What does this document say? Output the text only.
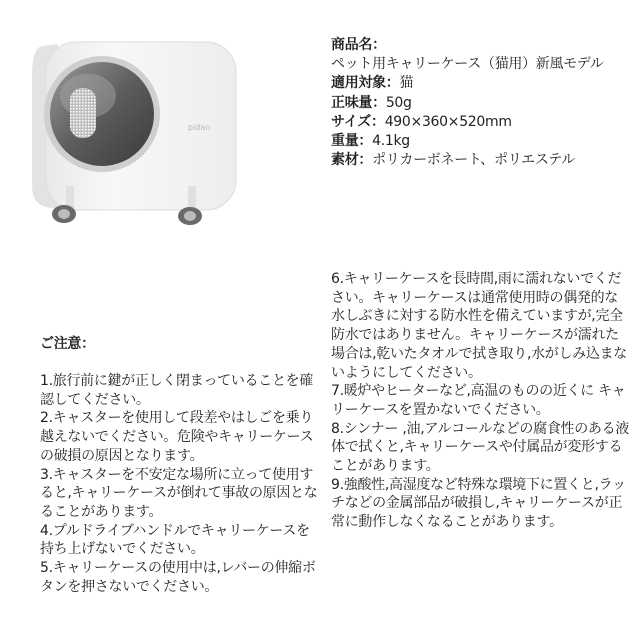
pidan

商品名：

ペット用キャリーケース（猫用）新風モデル

適用対象：猫

正味量：50g

サイズ：490×360×520mm

重量：4.1kg

素材：ポリカーボネート、ポリエステル

ご注意：

1.旅行前に鍵が正しく閉まっていることを確認してください。

2.キャスターを使用して段差やはしごを乗り越えないでください。危険やキャリーケースの破損の原因となります。

3.キャスターを不安定な場所に立って使用すると,キャリーケースが倒れて事故の原因となることがあります。

4.プルドライブハンドルでキャリーケースを持ち上げないでください。

5.キャリーケースの使用中は,レバーの伸縮ボタンを押さないでください。

6.キャリーケースを長時間,雨に濡れないでください。キャリーケースは通常使用時の偶発的な水しぶきに対する防水性を備えていますが,完全防水ではありません。キャリーケースが濡れた場合は,乾いたタオルで拭き取り,水がしみ込まないようにしてください。

7.暖炉やヒーターなど,高温のものの近くに キャリーケースを置かないでください。

8.シンナー ,油,アルコールなどの腐食性のある液体で拭くと,キャリーケースや付属品が変形することがあります。

9.強酸性,高湿度など特殊な環境下に置くと,ラッチなどの金属部品が破損し,キャリーケースが正常に動作しなくなることがあります。
